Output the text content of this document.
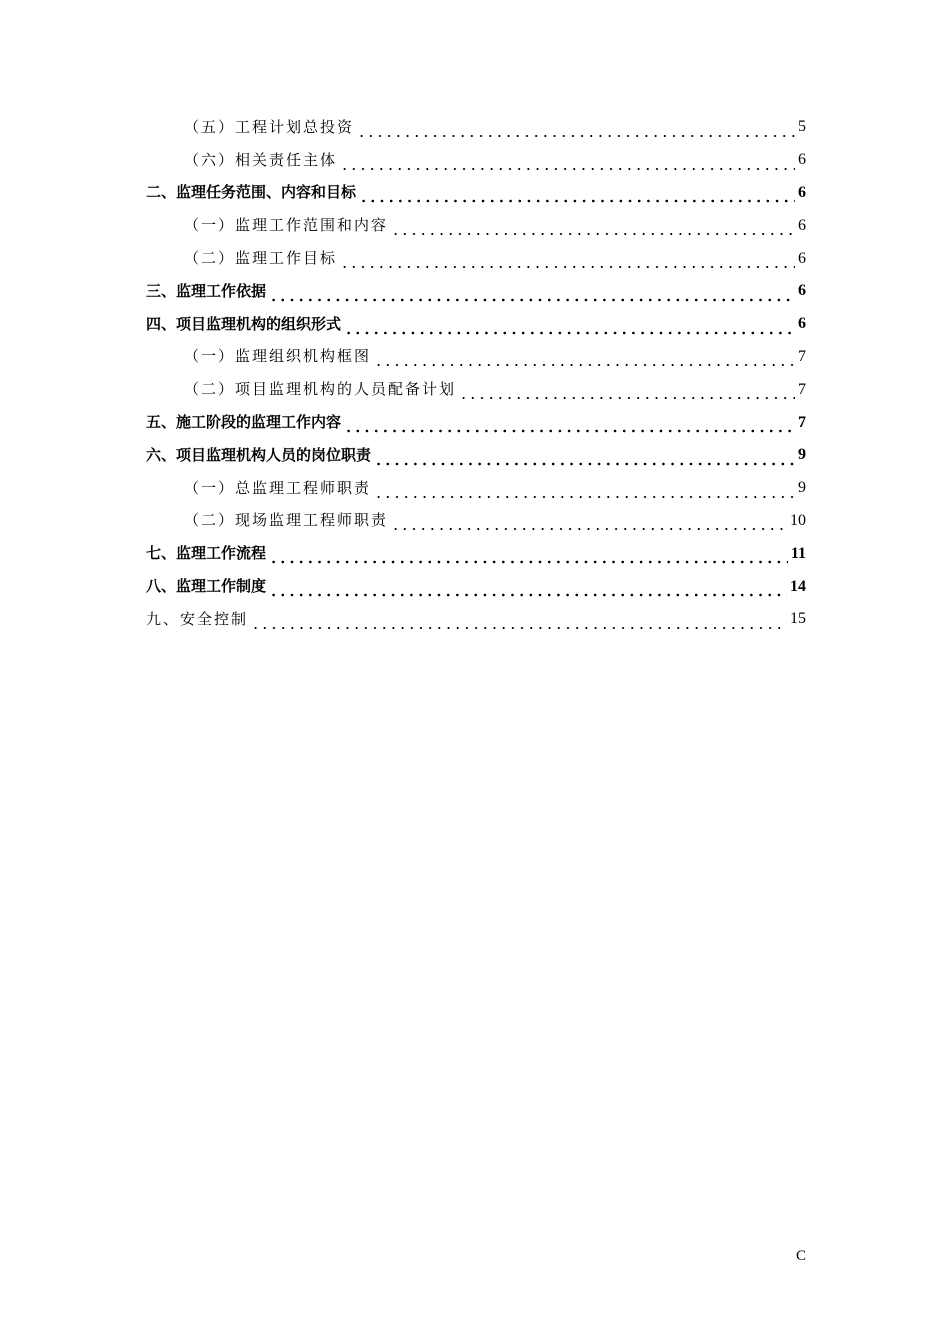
（五）工程计划总投资	5
（六）相关责任主体	6
二、监理任务范围、内容和目标	6
（一）监理工作范围和内容	6
（二）监理工作目标	6
三、监理工作依据	6
四、项目监理机构的组织形式	6
（一）监理组织机构框图	7
（二）项目监理机构的人员配备计划	7
五、施工阶段的监理工作内容	7
六、项目监理机构人员的岗位职责	9
（一）总监理工程师职责	9
（二）现场监理工程师职责	10
七、监理工作流程	11
八、监理工作制度	14
九、安全控制	15
C
